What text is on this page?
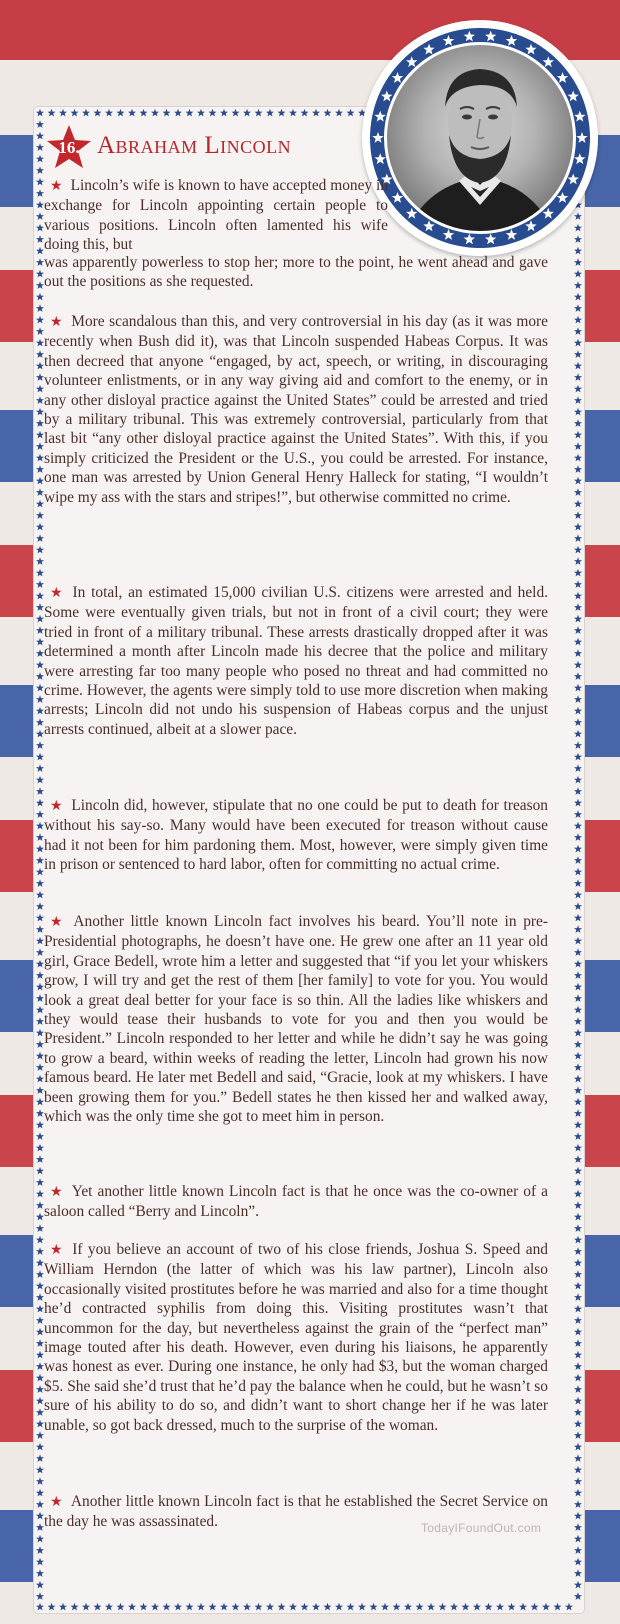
16. Abraham Lincoln
★ Lincoln’s wife is known to have accepted money in exchange for Lincoln appointing certain people to various positions. Lincoln often lamented his wife doing this, but
was apparently powerless to stop her; more to the point, he went ahead and gave out the positions as she requested.
★ More scandalous than this, and very controversial in his day (as it was more recently when Bush did it), was that Lincoln suspended Habeas Corpus. It was then decreed that anyone “engaged, by act, speech, or writing, in discouraging volunteer enlistments, or in any way giving aid and comfort to the enemy, or in any other disloyal practice against the United States” could be arrested and tried by a military tribunal. This was extremely controversial, particularly from that last bit “any other disloyal practice against the United States”. With this, if you simply criticized the President or the U.S., you could be arrested. For instance, one man was arrested by Union General Henry Halleck for stating, “I wouldn’t wipe my ass with the stars and stripes!”, but otherwise committed no crime.
★ In total, an estimated 15,000 civilian U.S. citizens were arrested and held. Some were eventually given trials, but not in front of a civil court; they were tried in front of a military tribunal. These arrests drastically dropped after it was determined a month after Lincoln made his decree that the police and military were arresting far too many people who posed no threat and had committed no crime. However, the agents were simply told to use more discretion when making arrests; Lincoln did not undo his suspension of Habeas corpus and the unjust arrests continued, albeit at a slower pace.
★ Lincoln did, however, stipulate that no one could be put to death for treason without his say-so. Many would have been executed for treason without cause had it not been for him pardoning them. Most, however, were simply given time in prison or sentenced to hard labor, often for committing no actual crime.
★ Another little known Lincoln fact involves his beard. You’ll note in pre-Presidential photographs, he doesn’t have one. He grew one after an 11 year old girl, Grace Bedell, wrote him a letter and suggested that “if you let your whiskers grow, I will try and get the rest of them [her family] to vote for you. You would look a great deal better for your face is so thin. All the ladies like whiskers and they would tease their husbands to vote for you and then you would be President.” Lincoln responded to her letter and while he didn’t say he was going to grow a beard, within weeks of reading the letter, Lincoln had grown his now famous beard. He later met Bedell and said, “Gracie, look at my whiskers. I have been growing them for you.” Bedell states he then kissed her and walked away, which was the only time she got to meet him in person.
★ Yet another little known Lincoln fact is that he once was the co-owner of a saloon called “Berry and Lincoln”.
★ If you believe an account of two of his close friends, Joshua S. Speed and William Herndon (the latter of which was his law partner), Lincoln also occasionally visited prostitutes before he was married and also for a time thought he’d contracted syphilis from doing this. Visiting prostitutes wasn’t that uncommon for the day, but nevertheless against the grain of the “perfect man” image touted after his death. However, even during his liaisons, he apparently was honest as ever. During one instance, he only had $3, but the woman charged $5. She said she’d trust that he’d pay the balance when he could, but he wasn’t so sure of his ability to do so, and didn’t want to short change her if he was later unable, so got back dressed, much to the surprise of the woman.
★ Another little known Lincoln fact is that he established the Secret Service on the day he was assassinated.	TodayIFoundOut.com
